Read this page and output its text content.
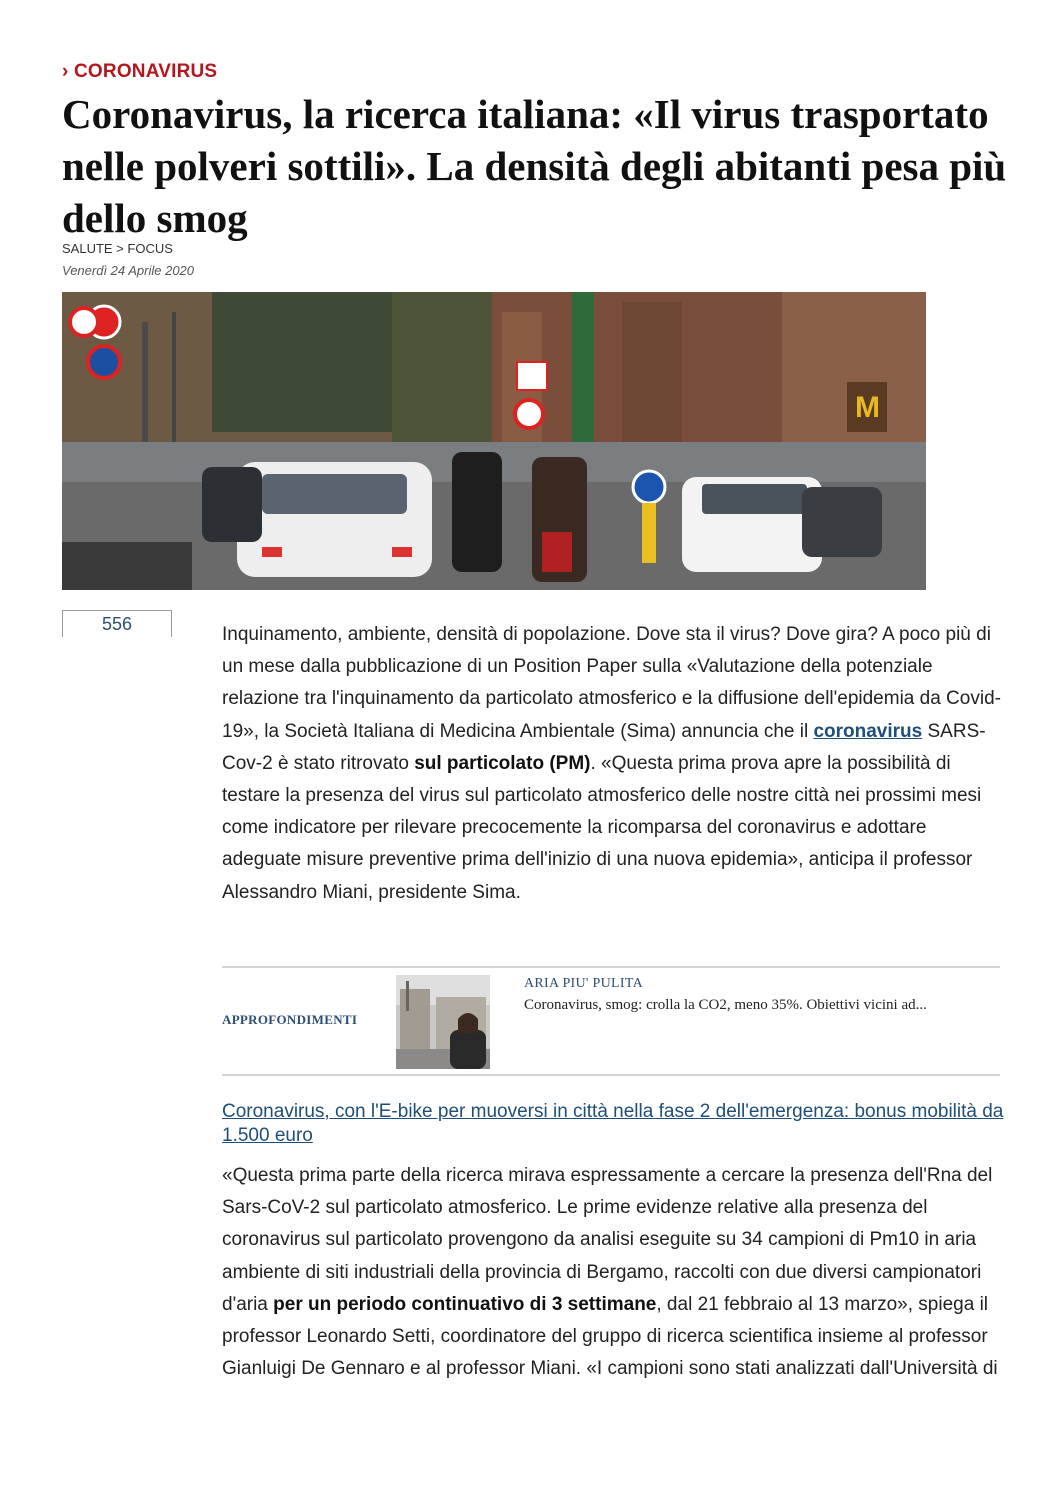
› CORONAVIRUS
Coronavirus, la ricerca italiana: «Il virus trasportato nelle polveri sottili». La densità degli abitanti pesa più dello smog
SALUTE > FOCUS
Venerdì 24 Aprile 2020
M
556	Inquinamento, ambiente, densità di popolazione. Dove sta il virus? Dove gira? A poco più di un mese dalla pubblicazione di un Position Paper sulla «Valutazione della potenziale relazione tra l'inquinamento da particolato atmosferico e la diffusione dell'epidemia da Covid-19», la Società Italiana di Medicina Ambientale (Sima) annuncia che il coronavirus SARS-Cov-2 è stato ritrovato sul particolato (PM). «Questa prima prova apre la possibilità di testare la presenza del virus sul particolato atmosferico delle nostre città nei prossimi mesi come indicatore per rilevare precocemente la ricomparsa del coronavirus e adottare adeguate misure preventive prima dell'inizio di una nuova epidemia», anticipa il professor Alessandro Miani, presidente Sima.

APPROFONDIMENTI
ARIA PIU' PULITA
Coronavirus, smog: crolla la CO2, meno 35%. Obiettivi vicini ad...
Coronavirus, con l'E-bike per muoversi in città nella fase 2 dell'emergenza: bonus mobilità da 1.500 euro

«Questa prima parte della ricerca mirava espressamente a cercare la presenza dell'Rna del Sars-CoV-2 sul particolato atmosferico. Le prime evidenze relative alla presenza del coronavirus sul particolato provengono da analisi eseguite su 34 campioni di Pm10 in aria ambiente di siti industriali della provincia di Bergamo, raccolti con due diversi campionatori d'aria per un periodo continuativo di 3 settimane, dal 21 febbraio al 13 marzo», spiega il professor Leonardo Setti, coordinatore del gruppo di ricerca scientifica insieme al professor Gianluigi De Gennaro e al professor Miani. «I campioni sono stati analizzati dall'Università di
